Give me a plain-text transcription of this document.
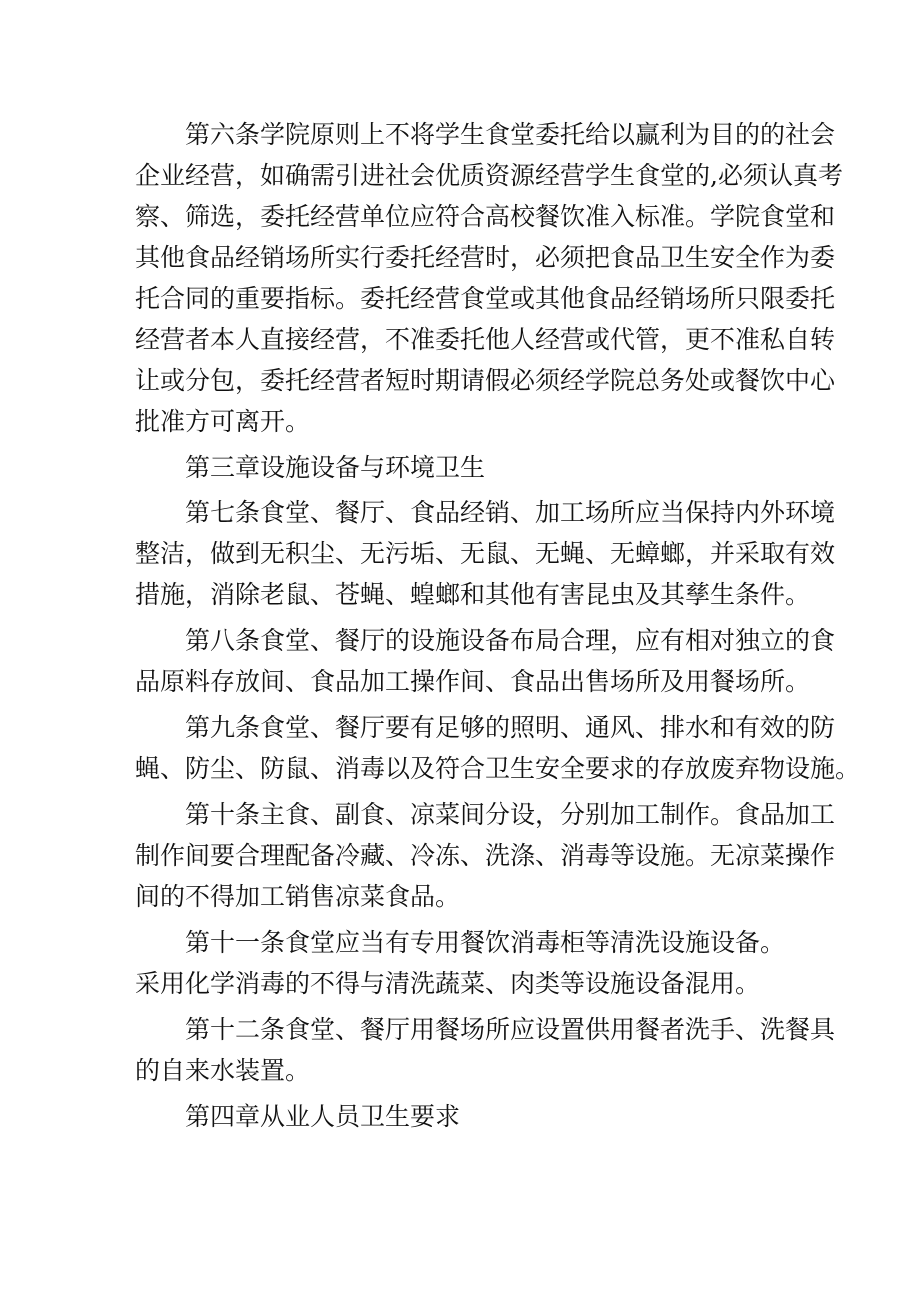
第六条学院原则上不将学生食堂委托给以赢利为目的的社会
企业经营，如确需引进社会优质资源经营学生食堂的,必须认真考
察、筛选，委托经营单位应符合高校餐饮准入标准。学院食堂和
其他食品经销场所实行委托经营时，必须把食品卫生安全作为委
托合同的重要指标。委托经营食堂或其他食品经销场所只限委托
经营者本人直接经营，不准委托他人经营或代管，更不准私自转
让或分包，委托经营者短时期请假必须经学院总务处或餐饮中心
批准方可离开。
第三章设施设备与环境卫生
第七条食堂、餐厅、食品经销、加工场所应当保持内外环境
整洁，做到无积尘、无污垢、无鼠、无蝇、无蟑螂，并采取有效
措施，消除老鼠、苍蝇、蝗螂和其他有害昆虫及其孳生条件。
第八条食堂、餐厅的设施设备布局合理，应有相对独立的食
品原料存放间、食品加工操作间、食品出售场所及用餐场所。
第九条食堂、餐厅要有足够的照明、通风、排水和有效的防
蝇、防尘、防鼠、消毒以及符合卫生安全要求的存放废弃物设施。
第十条主食、副食、凉菜间分设，分别加工制作。食品加工
制作间要合理配备冷藏、冷冻、洗涤、消毒等设施。无凉菜操作
间的不得加工销售凉菜食品。
第十一条食堂应当有专用餐饮消毒柜等清洗设施设备。
采用化学消毒的不得与清洗蔬菜、肉类等设施设备混用。
第十二条食堂、餐厅用餐场所应设置供用餐者洗手、洗餐具
的自来水装置。
第四章从业人员卫生要求
